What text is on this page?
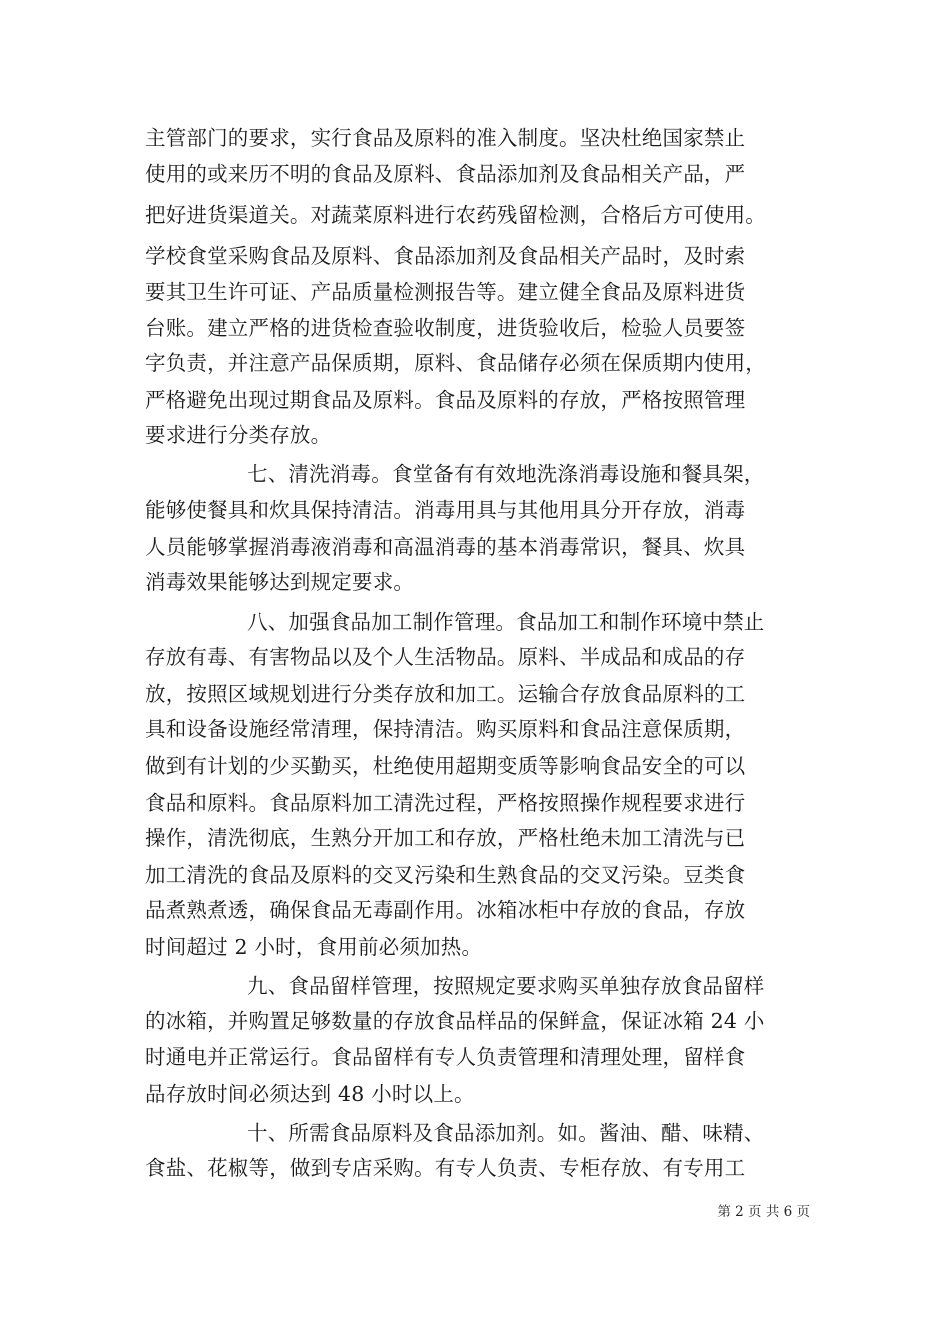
主管部门的要求，实行食品及原料的准入制度。坚决杜绝国家禁止
使用的或来历不明的食品及原料、食品添加剂及食品相关产品，严
把好进货渠道关。对蔬菜原料进行农药残留检测，合格后方可使用。
学校食堂采购食品及原料、食品添加剂及食品相关产品时，及时索
要其卫生许可证、产品质量检测报告等。建立健全食品及原料进货
台账。建立严格的进货检查验收制度，进货验收后，检验人员要签
字负责，并注意产品保质期，原料、食品储存必须在保质期内使用，
严格避免出现过期食品及原料。食品及原料的存放，严格按照管理
要求进行分类存放。
七、清洗消毒。食堂备有有效地洗涤消毒设施和餐具架，
能够使餐具和炊具保持清洁。消毒用具与其他用具分开存放，消毒
人员能够掌握消毒液消毒和高温消毒的基本消毒常识，餐具、炊具
消毒效果能够达到规定要求。
八、加强食品加工制作管理。食品加工和制作环境中禁止
存放有毒、有害物品以及个人生活物品。原料、半成品和成品的存
放，按照区域规划进行分类存放和加工。运输合存放食品原料的工
具和设备设施经常清理，保持清洁。购买原料和食品注意保质期，
做到有计划的少买勤买，杜绝使用超期变质等影响食品安全的可以
食品和原料。食品原料加工清洗过程，严格按照操作规程要求进行
操作，清洗彻底，生熟分开加工和存放，严格杜绝未加工清洗与已
加工清洗的食品及原料的交叉污染和生熟食品的交叉污染。豆类食
品煮熟煮透，确保食品无毒副作用。冰箱冰柜中存放的食品，存放
时间超过 2 小时，食用前必须加热。
九、食品留样管理，按照规定要求购买单独存放食品留样
的冰箱，并购置足够数量的存放食品样品的保鲜盒，保证冰箱 24 小
时通电并正常运行。食品留样有专人负责管理和清理处理，留样食
品存放时间必须达到 48 小时以上。
十、所需食品原料及食品添加剂。如。酱油、醋、味精、
食盐、花椒等，做到专店采购。有专人负责、专柜存放、有专用工
第 2 页 共 6 页
